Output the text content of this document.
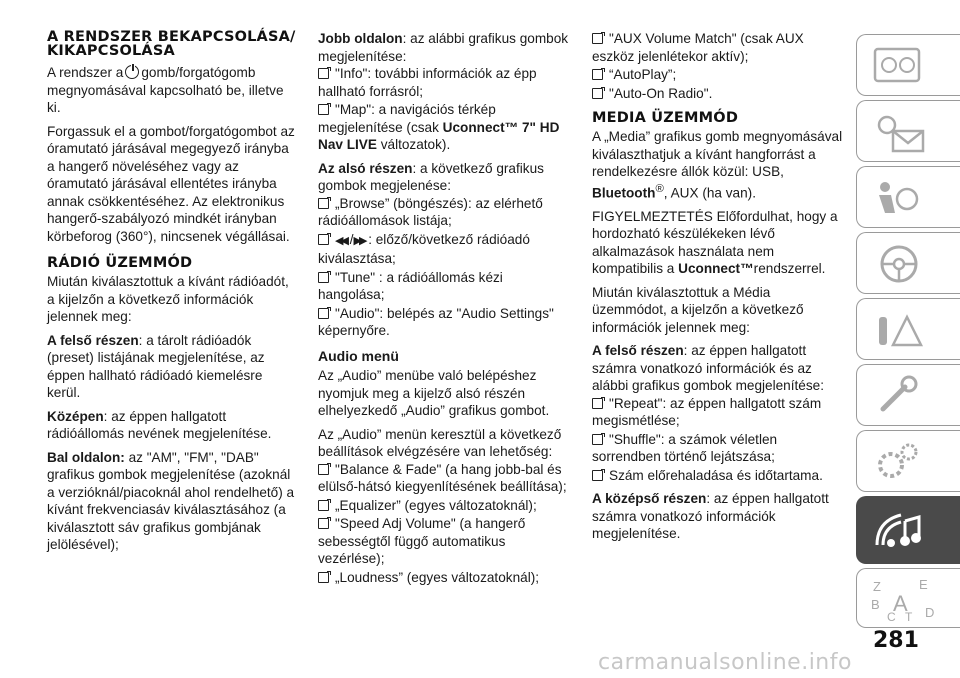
A RENDSZER BEKAPCSOLÁSA/ KIKAPCSOLÁSA

A rendszer a gomb/forgatógomb megnyomásával kapcsolható be, illetve ki.

Forgassuk el a gombot/forgatógombot az óramutató járásával megegyező irányba a hangerő növeléséhez vagy az óramutató járásával ellentétes irányba annak csökkentéséhez. Az elektronikus hangerő-szabályozó mindkét irányban körbeforog (360°), nincsenek végállásai.

RÁDIÓ ÜZEMMÓD

Miután kiválasztottuk a kívánt rádióadót, a kijelzőn a következő információk jelennek meg:

A felső részen: a tárolt rádióadók (preset) listájának megjelenítése, az éppen hallható rádióadó kiemelésre kerül.

Középen: az éppen hallgatott rádióállomás nevének megjelenítése.

Bal oldalon: az "AM", "FM", "DAB" grafikus gombok megjelenítése (azoknál a verzióknál/piacoknál ahol rendelhető) a kívánt frekvenciasáv kiválasztásához (a kiválasztott sáv grafikus gombjának jelölésével);

Jobb oldalon: az alábbi grafikus gombok megjelenítése:

"Info": további információk az épp hallható forrásról;
"Map": a navigációs térkép megjelenítése (csak Uconnect™ 7" HD Nav LIVE változatok).

Az alsó részen: a következő grafikus gombok megjelenése:

„Browse” (böngészés): az elérhető rádióállomások listája;
◀◀ /▶▶ : előző/következő rádióadó kiválasztása;
"Tune" : a rádióállomás kézi hangolása;
"Audio": belépés az "Audio Settings" képernyőre.
Audio menü

Az „Audio” menübe való belépéshez nyomjuk meg a kijelző alsó részén elhelyezkedő „Audio” grafikus gombot.

Az „Audio” menün keresztül a következő beállítások elvégzésére van lehetőség:

"Balance & Fade" (a hang jobb-bal és elülső-hátsó kiegyenlítésének beállítása);
„Equalizer” (egyes változatoknál);
"Speed Adj Volume" (a hangerő sebességtől függő automatikus vezérlése);
„Loudness” (egyes változatoknál);
"AUX Volume Match" (csak AUX eszköz jelenlétekor aktív);
“AutoPlay”;
"Auto-On Radio".
MEDIA ÜZEMMÓD

A „Media” grafikus gomb megnyomásával kiválaszthatjuk a kívánt hangforrást a rendelkezésre állók közül: USB, Bluetooth®, AUX (ha van).

FIGYELMEZTETÉS Előfordulhat, hogy a hordozható készülékeken lévő alkalmazások használata nem kompatibilis a Uconnect™rendszerrel.

Miután kiválasztottuk a Média üzemmódot, a kijelzőn a következő információk jelennek meg:

A felső részen: az éppen hallgatott számra vonatkozó információk és az alábbi grafikus gombok megjelenítése:

"Repeat": az éppen hallgatott szám megismétlése;
"Shuffle": a számok véletlen sorrendben történő lejátszása;
Szám előrehaladása és időtartama.

A középső részen: az éppen hallgatott számra vonatkozó információk megjelenítése.

Z	E
B A
C T D
281
carmanualsonline.info
